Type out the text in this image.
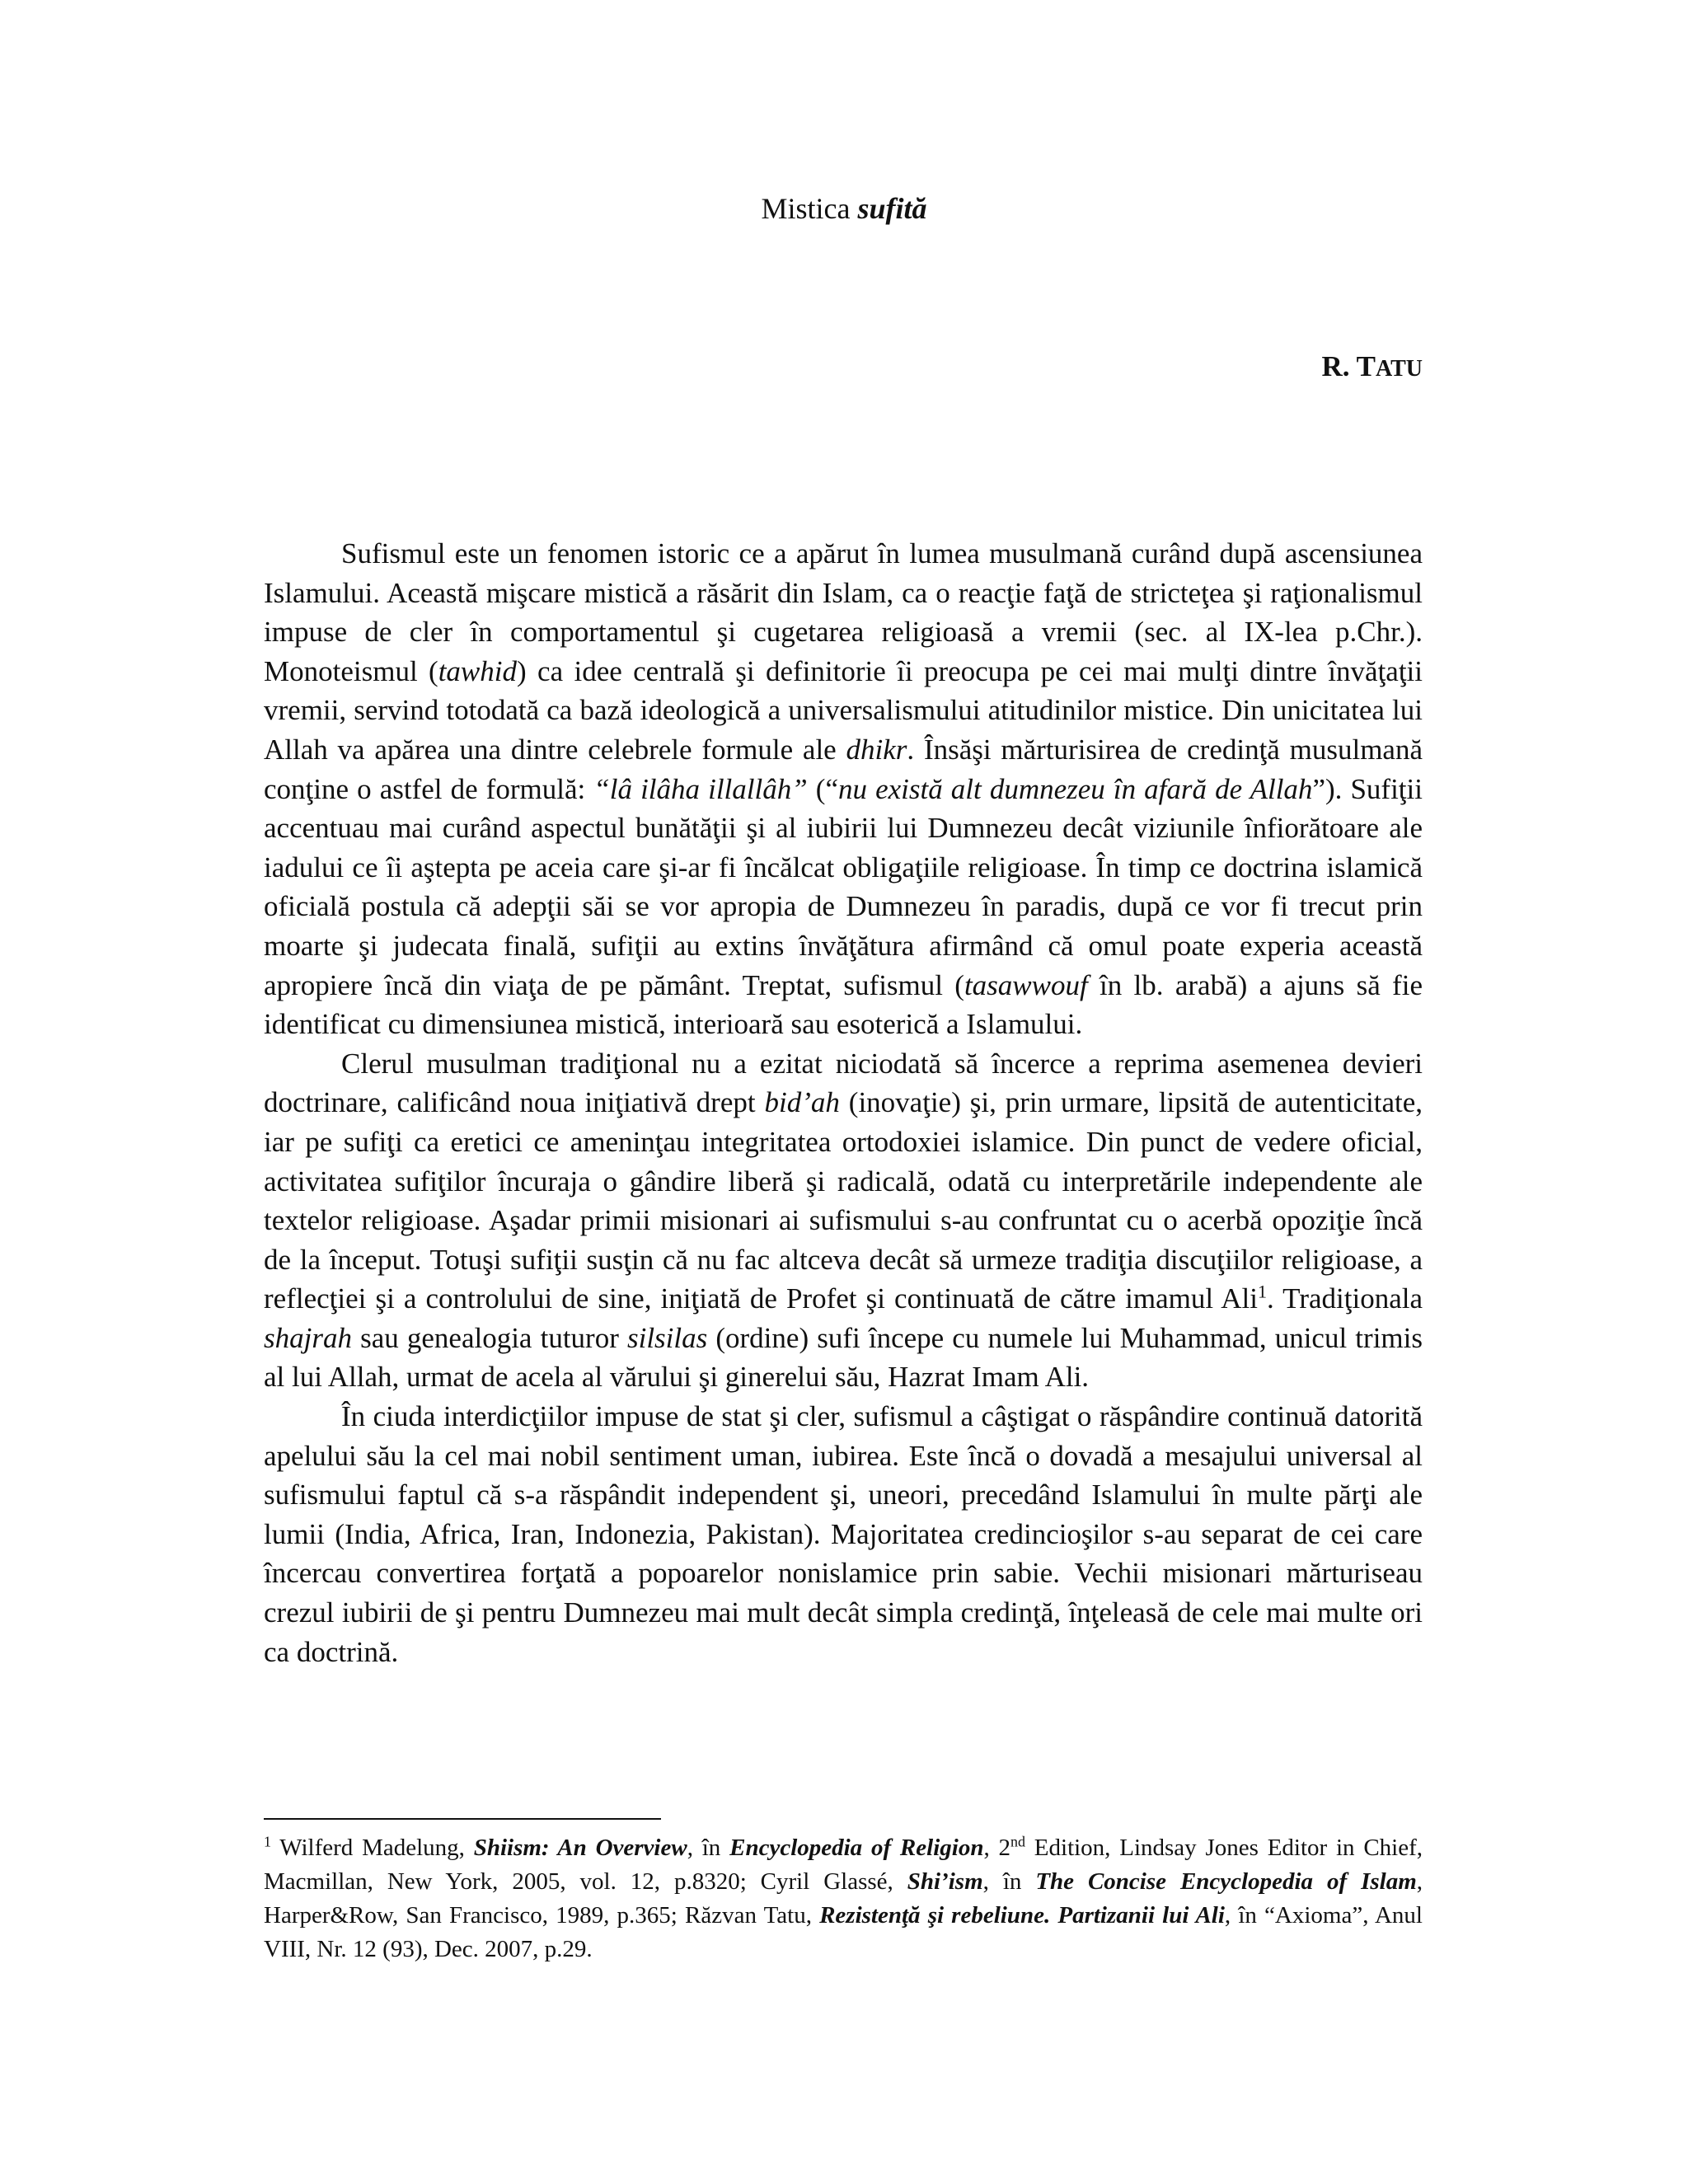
Mistica sufită
R. TATU

Sufismul este un fenomen istoric ce a apărut în lumea musulmană curând după ascensiunea Islamului. Această mişcare mistică a răsărit din Islam, ca o reacţie faţă de stricteţea şi raţionalismul impuse de cler în comportamentul şi cugetarea religioasă a vremii (sec. al IX-lea p.Chr.). Monoteismul (tawhid) ca idee centrală şi definitorie îi preocupa pe cei mai mulţi dintre învăţaţii vremii, servind totodată ca bază ideologică a universalismului atitudinilor mistice. Din unicitatea lui Allah va apărea una dintre celebrele formule ale dhikr. Însăşi mărturisirea de credinţă musulmană conţine o astfel de formulă: “lâ ilâha illallâh” (“nu există alt dumnezeu în afară de Allah”). Sufiţii accentuau mai curând aspectul bunătăţii şi al iubirii lui Dumnezeu decât viziunile înfiorătoare ale iadului ce îi aştepta pe aceia care şi-ar fi încălcat obligaţiile religioase. În timp ce doctrina islamică oficială postula că adepţii săi se vor apropia de Dumnezeu în paradis, după ce vor fi trecut prin moarte şi judecata finală, sufiţii au extins învăţătura afirmând că omul poate experia această apropiere încă din viaţa de pe pământ. Treptat, sufismul (tasawwouf în lb. arabă) a ajuns să fie identificat cu dimensiunea mistică, interioară sau esoterică a Islamului.

Clerul musulman tradiţional nu a ezitat niciodată să încerce a reprima asemenea devieri doctrinare, calificând noua iniţiativă drept bid’ah (inovaţie) şi, prin urmare, lipsită de autenticitate, iar pe sufiţi ca eretici ce ameninţau integritatea ortodoxiei islamice. Din punct de vedere oficial, activitatea sufiţilor încuraja o gândire liberă şi radicală, odată cu interpretările independente ale textelor religioase. Aşadar primii misionari ai sufismului s-au confruntat cu o acerbă opoziţie încă de la început. Totuşi sufiţii susţin că nu fac altceva decât să urmeze tradiţia discuţiilor religioase, a reflecţiei şi a controlului de sine, iniţiată de Profet şi continuată de către imamul Ali$^1$. Tradiţionala shajrah sau genealogia tuturor silsilas (ordine) sufi începe cu numele lui Muhammad, unicul trimis al lui Allah, urmat de acela al vărului şi ginerelui său, Hazrat Imam Ali.

În ciuda interdicţiilor impuse de stat şi cler, sufismul a câştigat o răspândire continuă datorită apelului său la cel mai nobil sentiment uman, iubirea. Este încă o dovadă a mesajului universal al sufismului faptul că s-a răspândit independent şi, uneori, precedând Islamului în multe părţi ale lumii (India, Africa, Iran, Indonezia, Pakistan). Majoritatea credincioşilor s-au separat de cei care încercau convertirea forţată a popoarelor nonislamice prin sabie. Vechii misionari mărturiseau crezul iubirii de şi pentru Dumnezeu mai mult decât simpla credinţă, înţeleasă de cele mai multe ori ca doctrină.

$^1$ Wilferd Madelung, Shiism: An Overview, în Encyclopedia of Religion, 2nd Edition, Lindsay Jones Editor in Chief, Macmillan, New York, 2005, vol. 12, p.8320; Cyril Glassé, Shi’ism, în The Concise Encyclopedia of Islam, Harper&Row, San Francisco, 1989, p.365; Răzvan Tatu, Rezistenţă şi rebeliune. Partizanii lui Ali, în “Axioma”, Anul VIII, Nr. 12 (93), Dec. 2007, p.29.
